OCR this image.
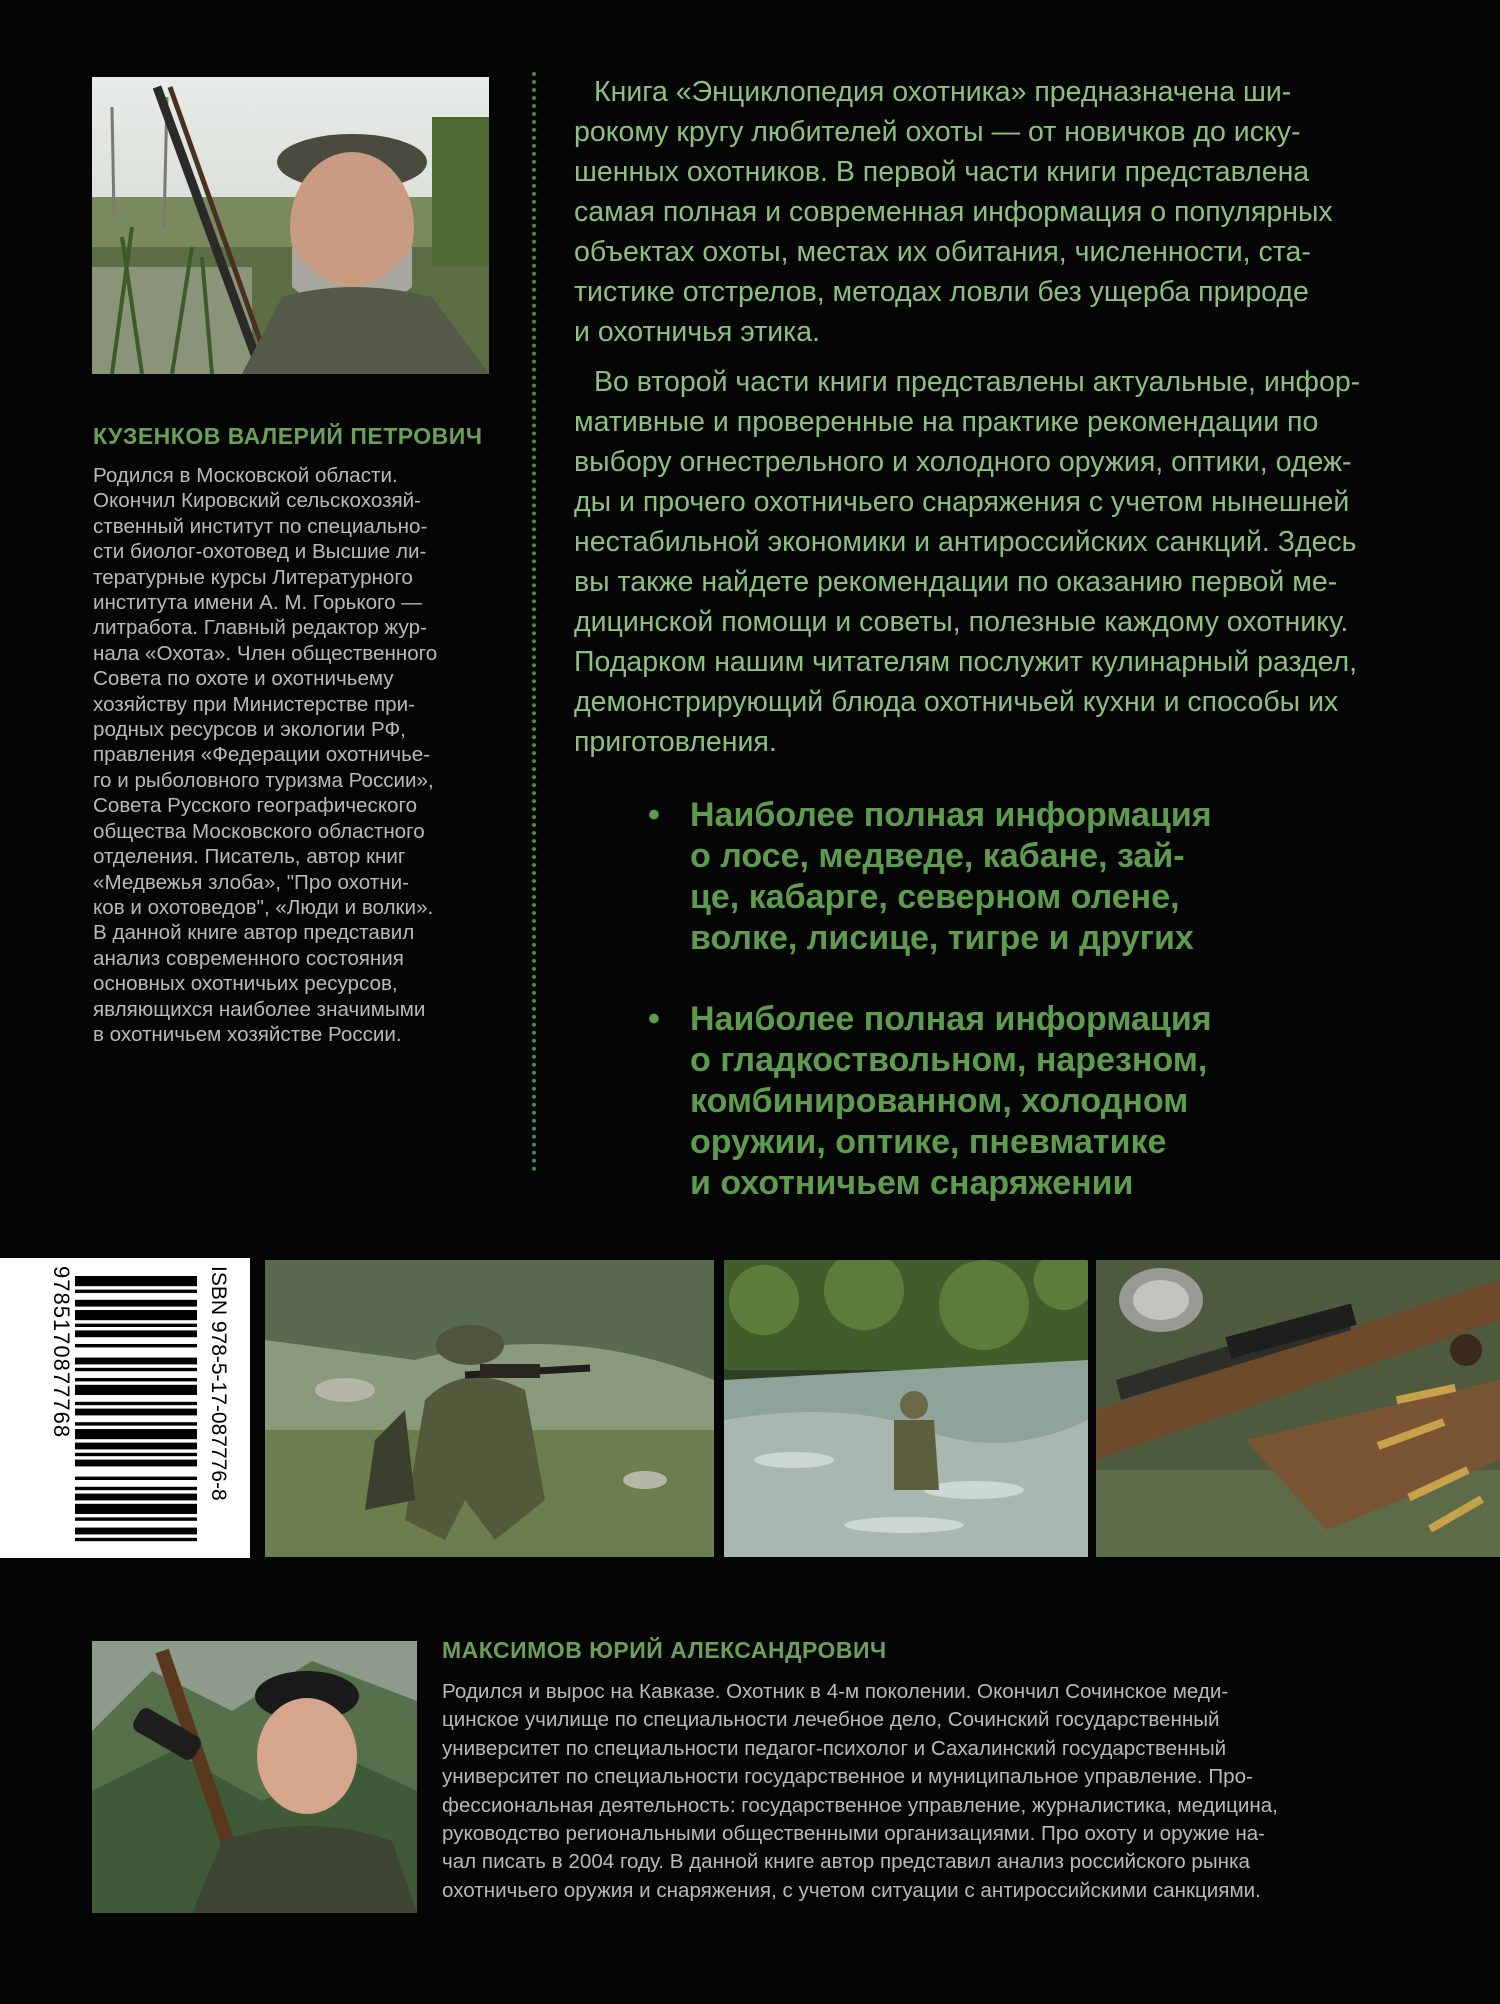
КУЗЕНКОВ ВАЛЕРИЙ ПЕТРОВИЧ
Родился в Московской области.
Окончил Кировский сельскохозяй-
ственный институт по специально-
сти биолог-охотовед и Высшие ли-
тературные курсы Литературного
института имени А. М. Горького —
литработа. Главный редактор жур-
нала «Охота». Член общественного
Совета по охоте и охотничьему
хозяйству при Министерстве при-
родных ресурсов и экологии РФ,
правления «Федерации охотничье-
го и рыболовного туризма России»,
Совета Русского географического
общества Московского областного
отделения. Писатель, автор книг
«Медвежья злоба», "Про охотни-
ков и охотоведов", «Люди и волки».
В данной книге автор представил
анализ современного состояния
основных охотничьих ресурсов,
являющихся наиболее значимыми
в охотничьем хозяйстве России.

Книга «Энциклопедия охотника» предназначена ши-
рокому кругу любителей охоты — от новичков до иску-
шенных охотников. В первой части книги представлена
самая полная и современная информация о популярных
объектах охоты, местах их обитания, численности, ста-
тистике отстрелов, методах ловли без ущерба природе
и охотничья этика.

Во второй части книги представлены актуальные, инфор-
мативные и проверенные на практике рекомендации по
выбору огнестрельного и холодного оружия, оптики, одеж-
ды и прочего охотничьего снаряжения с учетом нынешней
нестабильной экономики и антироссийских санкций. Здесь
вы также найдете рекомендации по оказанию первой ме-
дицинской помощи и советы, полезные каждому охотнику.
Подарком нашим читателям послужит кулинарный раздел,
демонстрирующий блюда охотничьей кухни и способы их
приготовления.

• Наиболее полная информация
о лосе, медведе, кабане, зай-
це, кабарге, северном олене,
волке, лисице, тигре и других
• Наиболее полная информация
о гладкоствольном, нарезном,
комбинированном, холодном
оружии, оптике, пневматике
и охотничьем снаряжении
ISBN 978-5-17-087776-8
9785170877768
МАКСИМОВ ЮРИЙ АЛЕКСАНДРОВИЧ
Родился и вырос на Кавказе. Охотник в 4-м поколении. Окончил Сочинское меди-
цинское училище по специальности лечебное дело, Сочинский государственный
университет по специальности педагог-психолог и Сахалинский государственный
университет по специальности государственное и муниципальное управление. Про-
фессиональная деятельность: государственное управление, журналистика, медицина,
руководство региональными общественными организациями. Про охоту и оружие на-
чал писать в 2004 году. В данной книге автор представил анализ российского рынка
охотничьего оружия и снаряжения, с учетом ситуации с антироссийскими санкциями.
